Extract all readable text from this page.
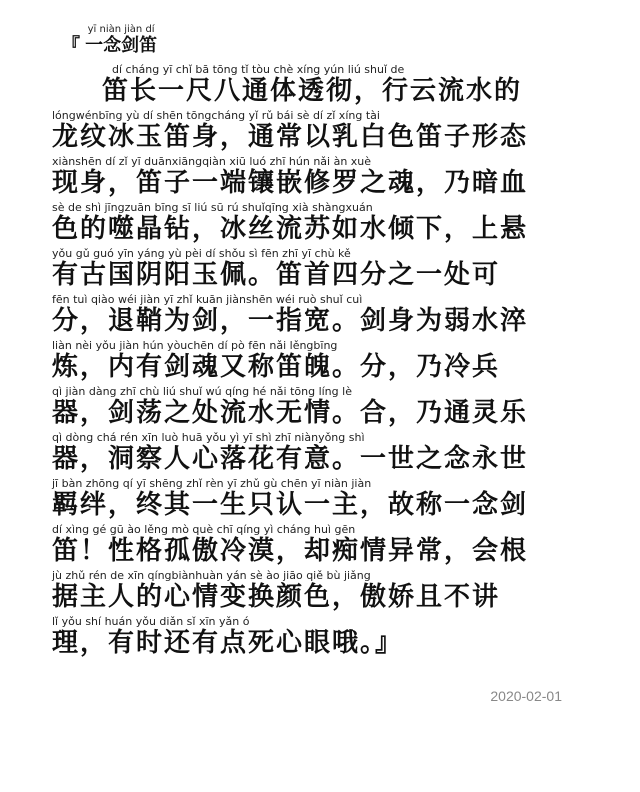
『

yī niàn jiàn dí
一念剑笛
dí cháng yī chǐ bā tōng tǐ tòu chè xíng yún liú shuǐ de
笛长一尺八通体透彻，行云流水的
lóngwénbīng yù dí shēn tōngcháng yǐ rǔ bái sè dí zǐ xíng tài
龙纹冰玉笛身，通常以乳白色笛子形态
xiànshēn dí zǐ yī duānxiāngqiàn xiū luó zhī hún nǎi àn xuè
现身，笛子一端镶嵌修罗之魂，乃暗血
sè de shì jīngzuān bīng sī liú sū rú shuǐqīng xià shàngxuán
色的噬晶钻，冰丝流苏如水倾下，上悬
yǒu gǔ guó yīn yáng yù pèi dí shǒu sì fēn zhī yī chù kě
有古国阴阳玉佩。笛首四分之一处可
fēn tuì qiào wéi jiàn yī zhǐ kuān jiànshēn wéi ruò shuǐ cuì
分，退鞘为剑，一指宽。剑身为弱水淬
liàn nèi yǒu jiàn hún yòuchēn dí pò fēn nǎi lěngbīng
炼，内有剑魂又称笛魄。分，乃冷兵
qì jiàn dàng zhī chù liú shuǐ wú qíng hé nǎi tōng líng lè
器，剑荡之处流水无情。合，乃通灵乐
qì dòng chá rén xīn luò huā yǒu yì yī shì zhī niànyǒng shì
器，洞察人心落花有意。一世之念永世
jī bàn zhōng qí yī shēng zhǐ rèn yī zhǔ gù chēn yī niàn jiàn
羁绊，终其一生只认一主，故称一念剑
dí xìng gé gū ào lěng mò què chī qíng yì cháng huì gēn
笛！性格孤傲冷漠，却痴情异常，会根
jù zhǔ rén de xīn qíngbiànhuàn yán sè ào jiāo qiě bù jiǎng
据主人的心情变换颜色，傲娇且不讲
lǐ yǒu shí huán yǒu diǎn sǐ xīn yǎn ó
理，有时还有点死心眼哦。』
2020-02-01
